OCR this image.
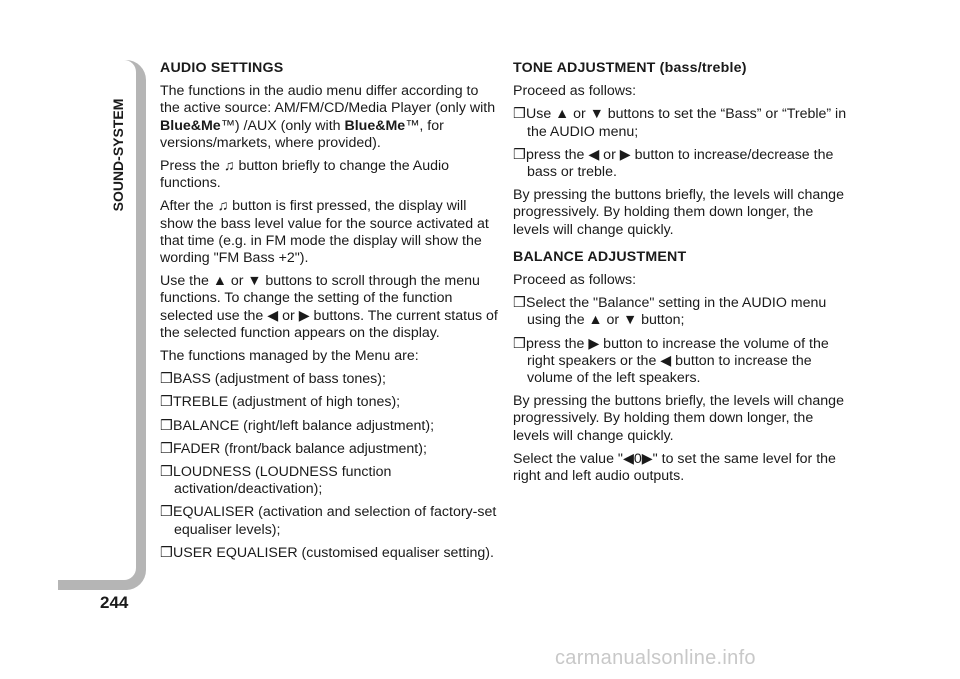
SOUND-SYSTEM
244

AUDIO SETTINGS

The functions in the audio menu differ according to the active source: AM/FM/CD/Media Player (only with Blue&Me™) /AUX (only with Blue&Me™, for versions/markets, where provided).

Press the ♫ button briefly to change the Audio functions.

After the ♫ button is first pressed, the display will show the bass level value for the source activated at that time (e.g. in FM mode the display will show the wording "FM Bass +2").

Use the ▲ or ▼ buttons to scroll through the menu functions. To change the setting of the function selected use the ◀ or ▶ buttons. The current status of the selected function appears on the display.

The functions managed by the Menu are:

❒BASS (adjustment of bass tones);

❒TREBLE (adjustment of high tones);

❒BALANCE (right/left balance adjustment);

❒FADER (front/back balance adjustment);

❒LOUDNESS (LOUDNESS function activation/deactivation);

❒EQUALISER (activation and selection of factory-set equaliser levels);

❒USER EQUALISER (customised equaliser setting).

TONE ADJUSTMENT (bass/treble)

Proceed as follows:

❒Use ▲ or ▼ buttons to set the “Bass” or “Treble” in the AUDIO menu;

❒press the ◀ or ▶ button to increase/decrease the bass or treble.

By pressing the buttons briefly, the levels will change progressively. By holding them down longer, the levels will change quickly.

BALANCE ADJUSTMENT

Proceed as follows:

❒Select the "Balance" setting in the AUDIO menu using the ▲ or ▼ button;

❒press the ▶ button to increase the volume of the right speakers or the ◀ button to increase the volume of the left speakers.

By pressing the buttons briefly, the levels will change progressively. By holding them down longer, the levels will change quickly.

Select the value "◀0▶" to set the same level for the right and left audio outputs.

carmanualsonline.info
